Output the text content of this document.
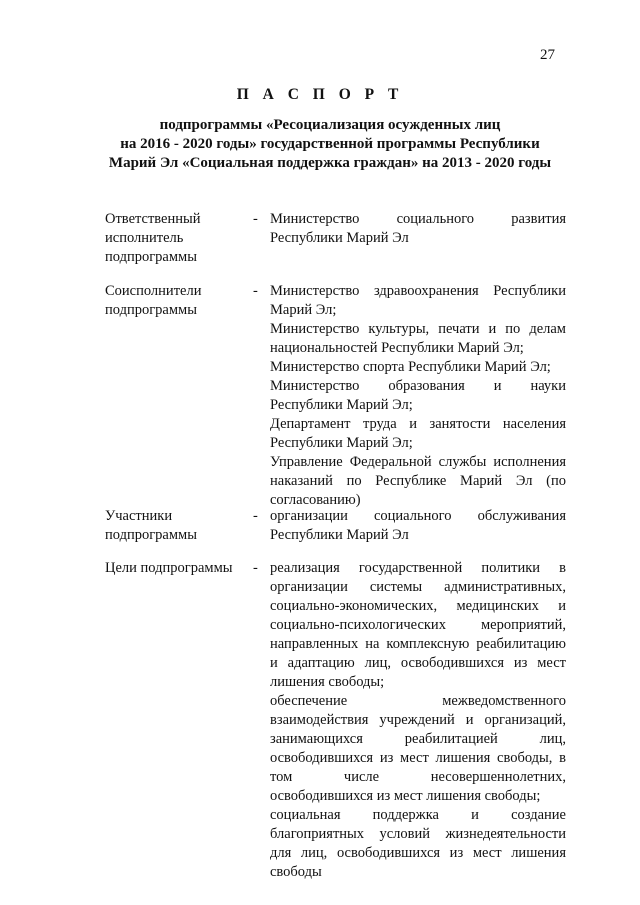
27
П А С П О Р Т
подпрограммы «Ресоциализация осужденных лиц
на 2016 - 2020 годы» государственной программы Республики
Марий Эл «Социальная поддержка граждан» на 2013 - 2020 годы
Ответственный исполнитель подпрограммы
- Министерство социального развития Республики Марий Эл

Соисполнители подпрограммы
- Министерство здравоохранения Республики Марий Эл;

Министерство культуры, печати и по делам национальностей Республики Марий Эл;

Министерство спорта Республики Марий Эл;

Министерство образования и науки Республики Марий Эл;

Департамент труда и занятости населения Республики Марий Эл;

Управление Федеральной службы исполнения наказаний по Республике Марий Эл (по согласованию)

Участники подпрограммы
- организации социального обслуживания Республики Марий Эл

Цели подпрограммы	- реализация государственной политики в организации системы административных, социально-экономических, медицинских и социально-психологических мероприятий, направленных на комплексную реабилитацию и адаптацию лиц, освободившихся из мест лишения свободы;

обеспечение межведомственного взаимодействия учреждений и организаций, занимающихся реабилитацией лиц, освободившихся из мест лишения свободы, в том числе несовершеннолетних, освободившихся из мест лишения свободы;

социальная поддержка и создание благоприятных условий жизнедеятельности для лиц, освободившихся из мест лишения свободы
